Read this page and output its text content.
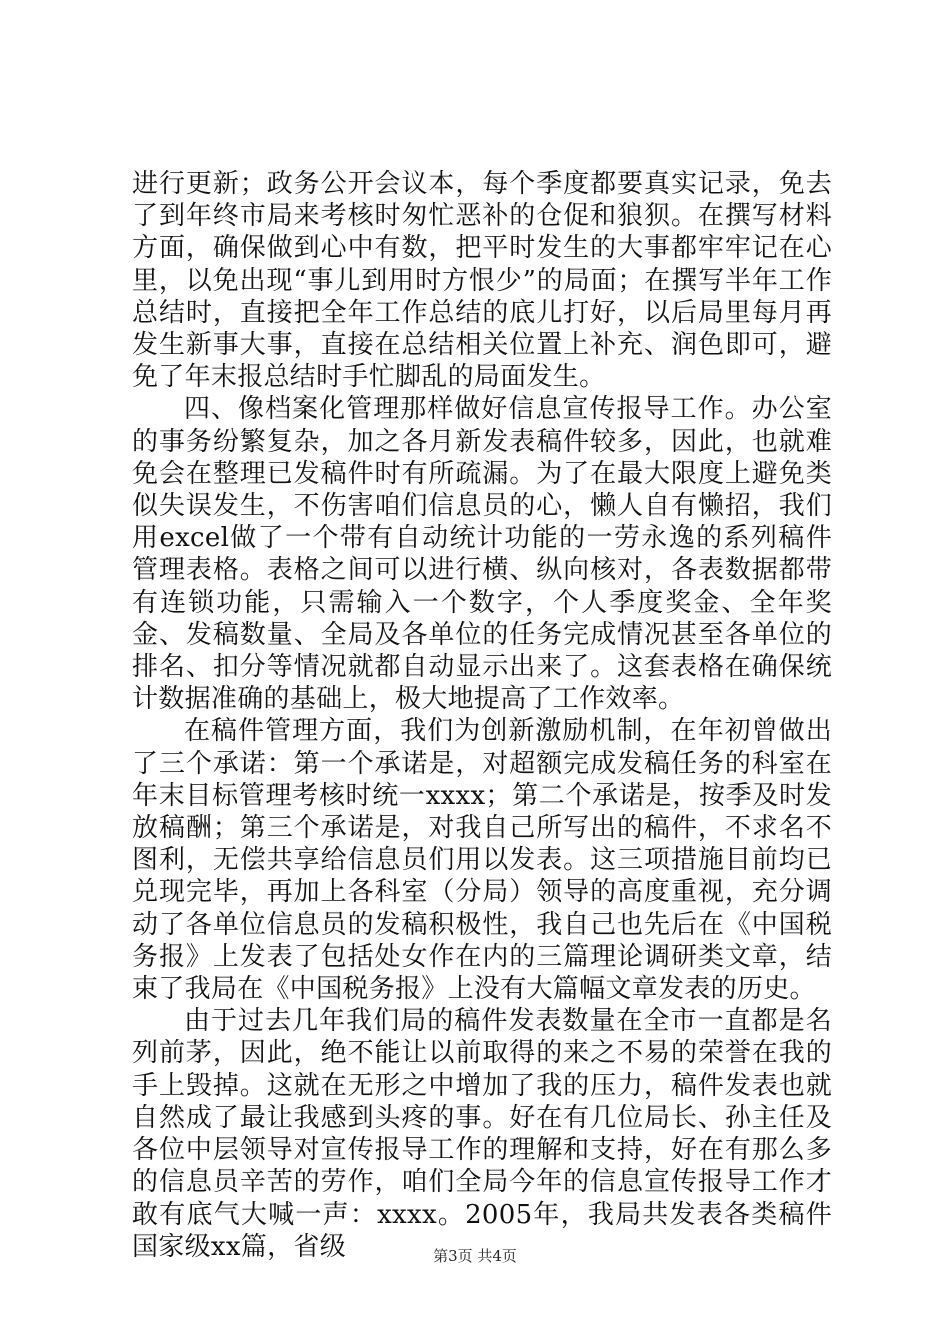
进行更新；政务公开会议本，每个季度都要真实记录，免去了到年终市局来考核时匆忙恶补的仓促和狼狈。在撰写材料方面，确保做到心中有数，把平时发生的大事都牢牢记在心里，以免出现“事儿到用时方恨少”的局面；在撰写半年工作总结时，直接把全年工作总结的底儿打好，以后局里每月再发生新事大事，直接在总结相关位置上补充、润色即可，避免了年末报总结时手忙脚乱的局面发生。

四、像档案化管理那样做好信息宣传报导工作。办公室的事务纷繁复杂，加之各月新发表稿件较多，因此，也就难免会在整理已发稿件时有所疏漏。为了在最大限度上避免类似失误发生，不伤害咱们信息员的心，懒人自有懒招，我们用excel做了一个带有自动统计功能的一劳永逸的系列稿件管理表格。表格之间可以进行横、纵向核对，各表数据都带有连锁功能，只需输入一个数字，个人季度奖金、全年奖金、发稿数量、全局及各单位的任务完成情况甚至各单位的排名、扣分等情况就都自动显示出来了。这套表格在确保统计数据准确的基础上，极大地提高了工作效率。

在稿件管理方面，我们为创新激励机制，在年初曾做出了三个承诺：第一个承诺是，对超额完成发稿任务的科室在年末目标管理考核时统一xxxx；第二个承诺是，按季及时发放稿酬；第三个承诺是，对我自己所写出的稿件，不求名不图利，无偿共享给信息员们用以发表。这三项措施目前均已兑现完毕，再加上各科室（分局）领导的高度重视，充分调动了各单位信息员的发稿积极性，我自己也先后在《中国税务报》上发表了包括处女作在内的三篇理论调研类文章，结束了我局在《中国税务报》上没有大篇幅文章发表的历史。

由于过去几年我们局的稿件发表数量在全市一直都是名列前茅，因此，绝不能让以前取得的来之不易的荣誉在我的手上毁掉。这就在无形之中增加了我的压力，稿件发表也就自然成了最让我感到头疼的事。好在有几位局长、孙主任及各位中层领导对宣传报导工作的理解和支持，好在有那么多的信息员辛苦的劳作，咱们全局今年的信息宣传报导工作才敢有底气大喊一声：xxxx。2005年，我局共发表各类稿件国家级xx篇，省级	第3页 共4页
